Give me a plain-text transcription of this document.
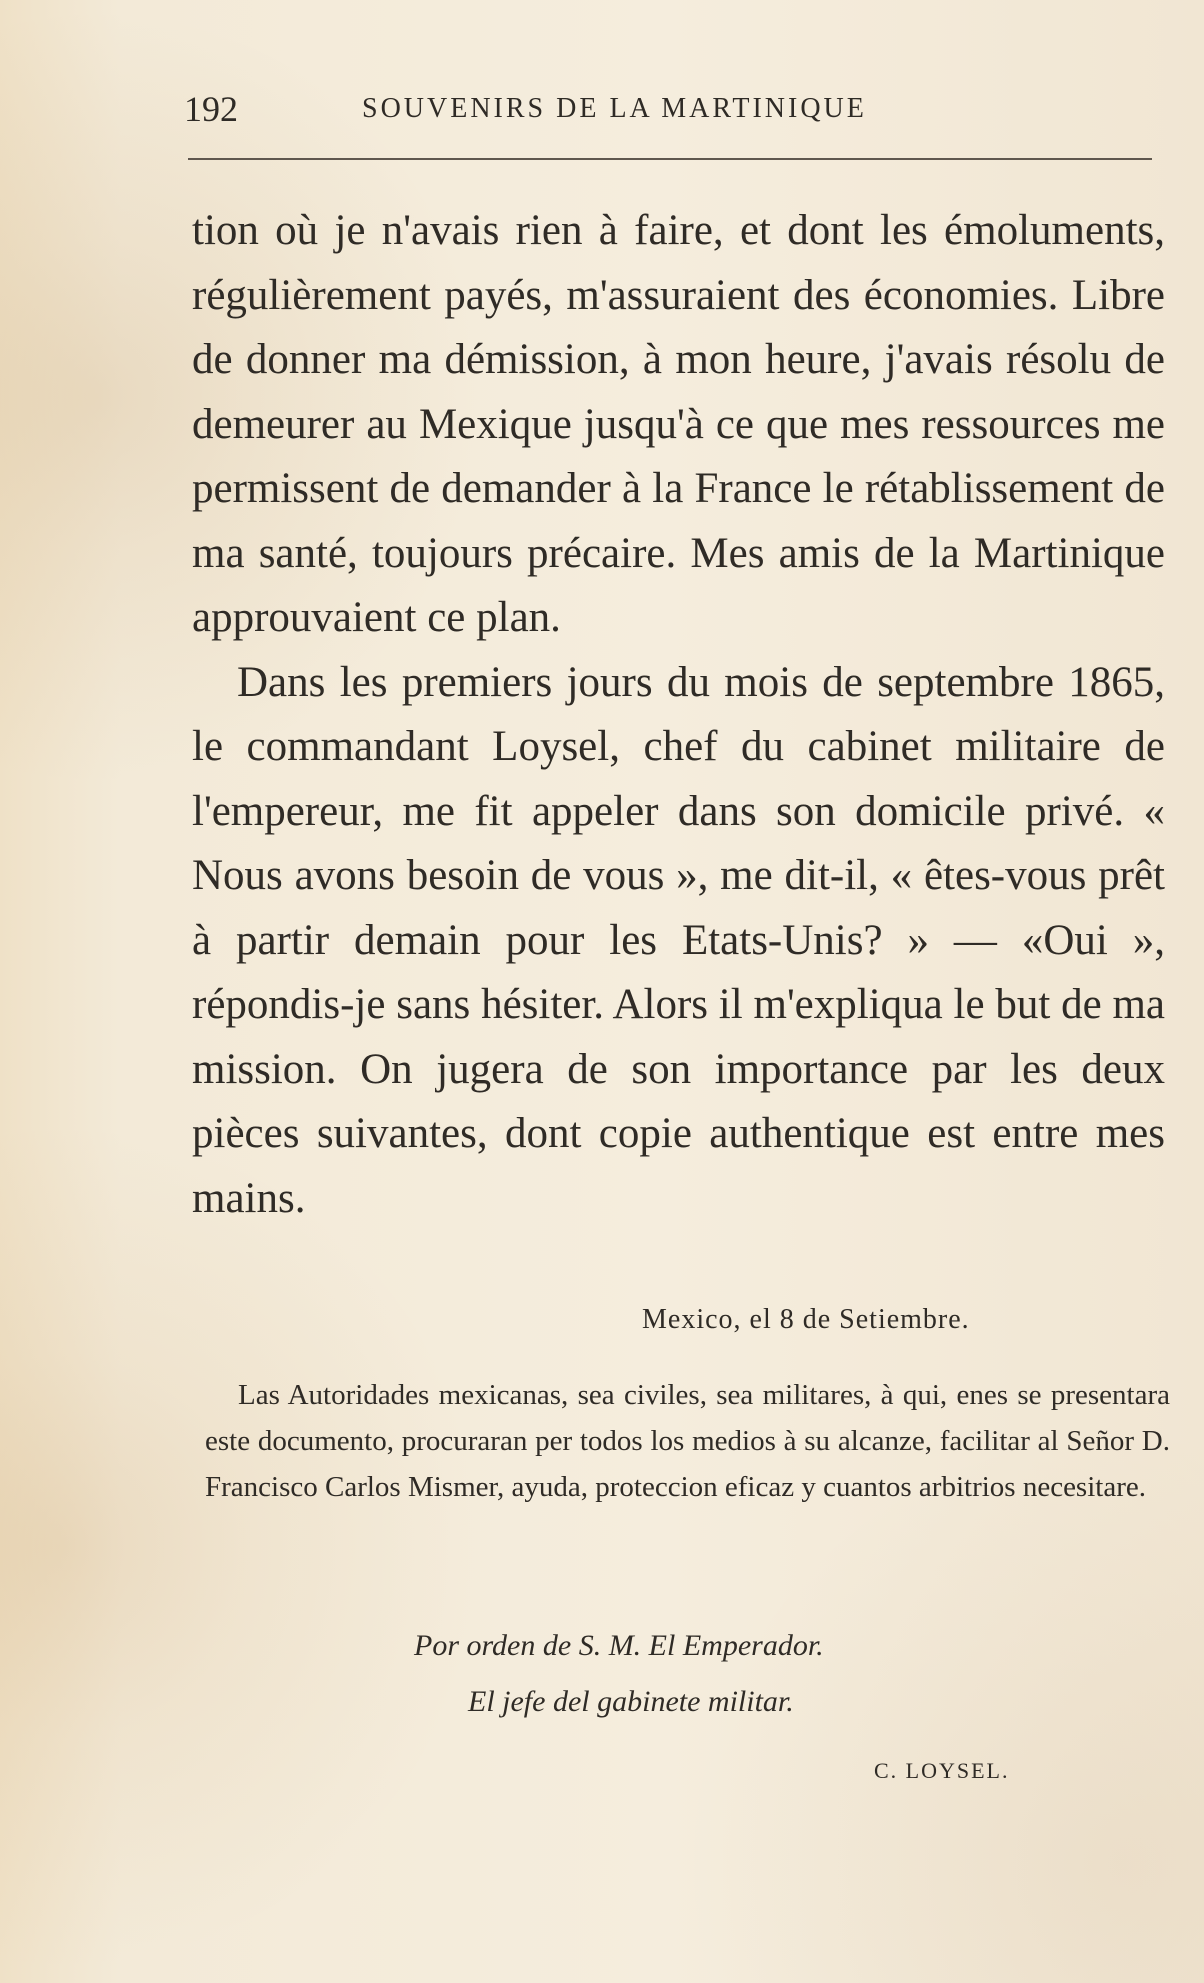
192	SOUVENIRS DE LA MARTINIQUE

tion où je n'avais rien à faire, et dont les émoluments, régulièrement payés, m'assuraient des économies. Libre de donner ma démission, à mon heure, j'avais résolu de demeurer au Mexique jusqu'à ce que mes ressources me permissent de demander à la France le rétablissement de ma santé, toujours précaire. Mes amis de la Martinique approuvaient ce plan.

Dans les premiers jours du mois de septembre 1865, le commandant Loysel, chef du cabinet militaire de l'empereur, me fit appeler dans son domicile privé. « Nous avons besoin de vous », me dit-il, « êtes-vous prêt à partir demain pour les Etats-Unis? » — «Oui », répondis-je sans hésiter. Alors il m'expliqua le but de ma mission. On jugera de son importance par les deux pièces suivantes, dont copie authentique est entre mes mains.

Mexico, el 8 de Setiembre.

Las Autoridades mexicanas, sea civiles, sea militares, à qui, enes se presentara este documento, procuraran per todos los medios à su alcanze, facilitar al Señor D. Francisco Carlos Mismer, ayuda, proteccion eficaz y cuantos arbitrios necesitare.

Por orden de S. M. El Emperador.
El jefe del gabinete militar.
C. LOYSEL.
